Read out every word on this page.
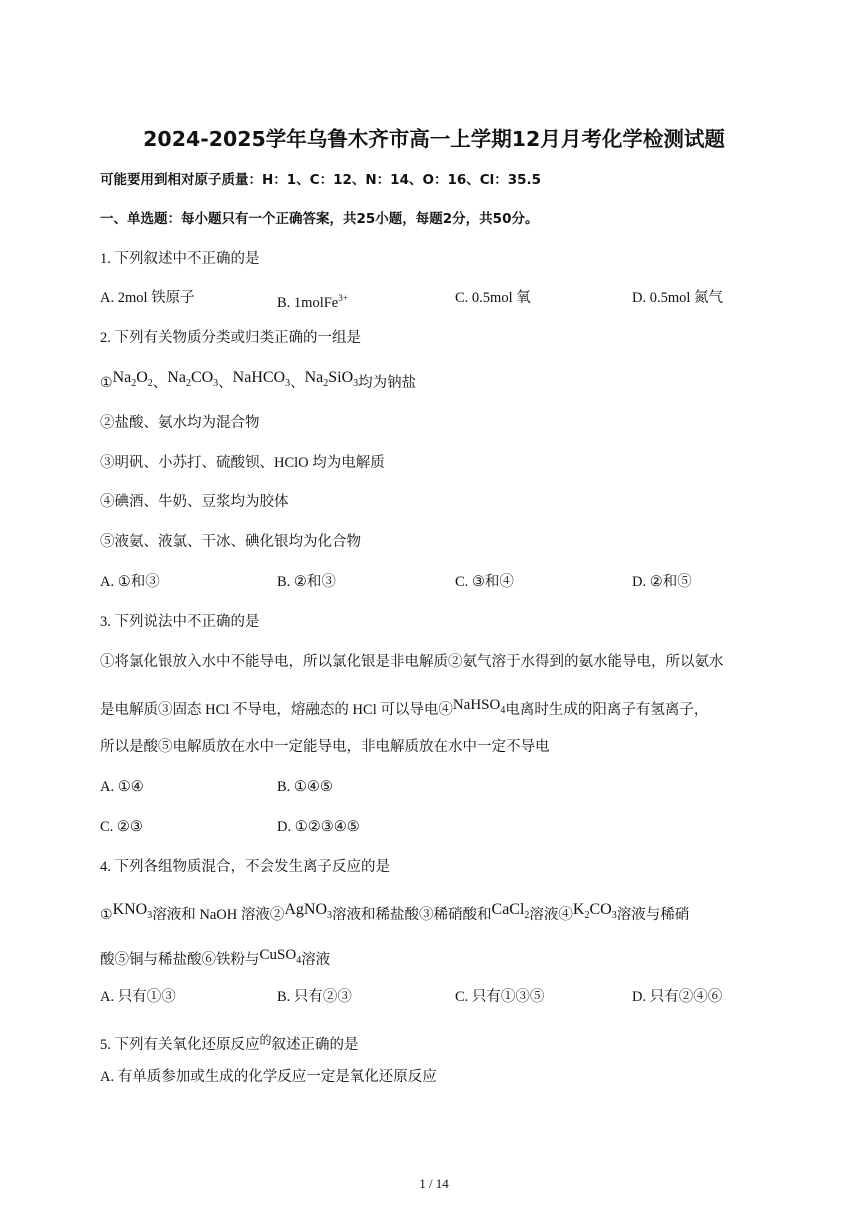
2024-2025学年乌鲁木齐市高一上学期12月月考化学检测试题
可能要用到相对原子质量：H：1、C：12、N：14、O：16、Cl：35.5
一、单选题：每小题只有一个正确答案，共25小题，每题2分，共50分。
1. 下列叙述中不正确的是
A. 2mol 铁原子	B. 1molFe$^{3+}$	C. 0.5mol 氧	D. 0.5mol 氮气
2. 下列有关物质分类或归类正确的一组是
$①Na_2O_2$、$Na_2CO_3$、NaHCO$_3$、$Na_2SiO_3$均为钠盐
②盐酸、氨水均为混合物
③明矾、小苏打、硫酸钡、HClO 均为电解质
④碘酒、牛奶、豆浆均为胶体
⑤液氨、液氯、干冰、碘化银均为化合物
A. ①和③	B. ②和③	C. ③和④	D. ②和⑤
3. 下列说法中不正确的是
①将氯化银放入水中不能导电，所以氯化银是非电解质②氨气溶于水得到的氨水能导电，所以氨水
是电解质③固态 HCl 不导电，熔融态的 HCl 可以导电④NaHSO$_4$电离时生成的阳离子有氢离子，
所以是酸⑤电解质放在水中一定能导电，非电解质放在水中一定不导电
A. ①④	B. ①④⑤
C. ②③	D. ①②③④⑤
4. 下列各组物质混合，不会发生离子反应的是
$①KNO_3$溶液和 NaOH 溶液②AgNO$_3$溶液和稀盐酸③稀硝酸和CaCl$_2$溶液$④K_2CO_3$溶液与稀硝
酸⑤铜与稀盐酸⑥铁粉与CuSO$_4$溶液
A. 只有①③	B. 只有②③	C. 只有①③⑤	D. 只有②④⑥
5. 下列有关氧化还原反应$^的$叙述正确的是
A. 有单质参加或生成的化学反应一定是氧化还原反应
1 / 14
